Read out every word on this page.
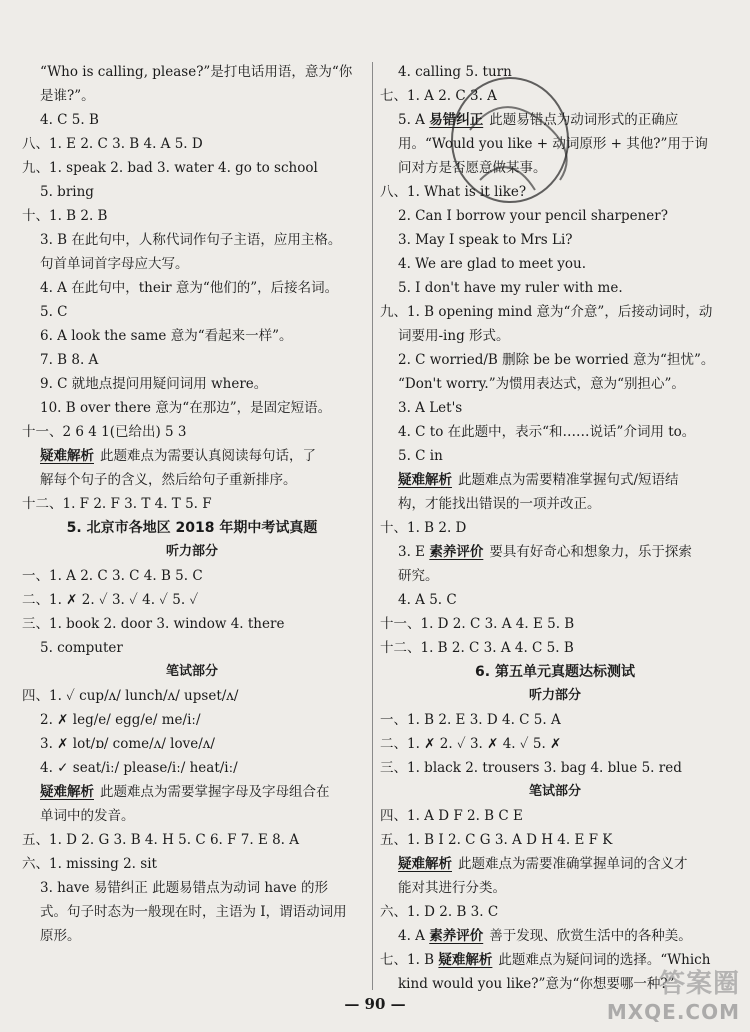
“Who is calling, please?”是打电话用语，意为“你
是谁?”。
4. C 5. B
八、1. E 2. C 3. B 4. A 5. D
九、1. speak 2. bad 3. water 4. go to school
5. bring
十、1. B 2. B
3. B 在此句中，人称代词作句子主语，应用主格。
句首单词首字母应大写。
4. A 在此句中，their 意为“他们的”，后接名词。
5. C
6. A look the same 意为“看起来一样”。
7. B 8. A
9. C 就地点提问用疑问词用 where。
10. B over there 意为“在那边”，是固定短语。
十一、2 6 4 1(已给出) 5 3
疑难解析 此题难点为需要认真阅读每句话，了
解每个句子的含义，然后给句子重新排序。
十二、1. F 2. F 3. T 4. T 5. F
5. 北京市各地区 2018 年期中考试真题
听力部分
一、1. A 2. C 3. C 4. B 5. C
二、1. ✗ 2. ✓ 3. ✓ 4. ✓ 5. ✓
三、1. book 2. door 3. window 4. there
5. computer
笔试部分
四、1. ✓ cup/ʌ/ lunch/ʌ/ upset/ʌ/
2. ✗ leg/e/ egg/e/ me/iː/
3. ✗ lot/ɒ/ come/ʌ/ love/ʌ/
4. ✓ seat/iː/ please/iː/ heat/iː/
疑难解析 此题难点为需要掌握字母及字母组合在
单词中的发音。
五、1. D 2. G 3. B 4. H 5. C 6. F 7. E 8. A
六、1. missing 2. sit
3. have 易错纠正 此题易错点为动词 have 的形
式。句子时态为一般现在时，主语为 I，谓语动词用
原形。
4. calling 5. turn
七、1. A 2. C 3. A
5. A 易错纠正 此题易错点为动词形式的正确应
用。“Would you like + 动词原形 + 其他?”用于询
问对方是否愿意做某事。
八、1. What is it like?
2. Can I borrow your pencil sharpener?
3. May I speak to Mrs Li?
4. We are glad to meet you.
5. I don't have my ruler with me.
九、1. B opening mind 意为“介意”，后接动词时，动
词要用-ing 形式。
2. C worried/B 删除 be be worried 意为“担忧”。
“Don't worry.”为惯用表达式，意为“别担心”。
3. A Let's
4. C to 在此题中，表示“和……说话”介词用 to。
5. C in
疑难解析 此题难点为需要精准掌握句式/短语结
构，才能找出错误的一项并改正。
十、1. B 2. D
3. E 素养评价 要具有好奇心和想象力，乐于探索
研究。
4. A 5. C
十一、1. D 2. C 3. A 4. E 5. B
十二、1. B 2. C 3. A 4. C 5. B
6. 第五单元真题达标测试
听力部分
一、1. B 2. E 3. D 4. C 5. A
二、1. ✗ 2. ✓ 3. ✗ 4. ✓ 5. ✗
三、1. black 2. trousers 3. bag 4. blue 5. red
笔试部分
四、1. A D F 2. B C E
五、1. B I 2. C G 3. A D H 4. E F K
疑难解析 此题难点为需要准确掌握单词的含义才
能对其进行分类。
六、1. D 2. B 3. C
4. A 素养评价 善于发现、欣赏生活中的各种美。
七、1. B 疑难解析 此题难点为疑问词的选择。“Which
kind would you like?”意为“你想要哪一种?”
— 90 —
答案圈
MXQE.COM
